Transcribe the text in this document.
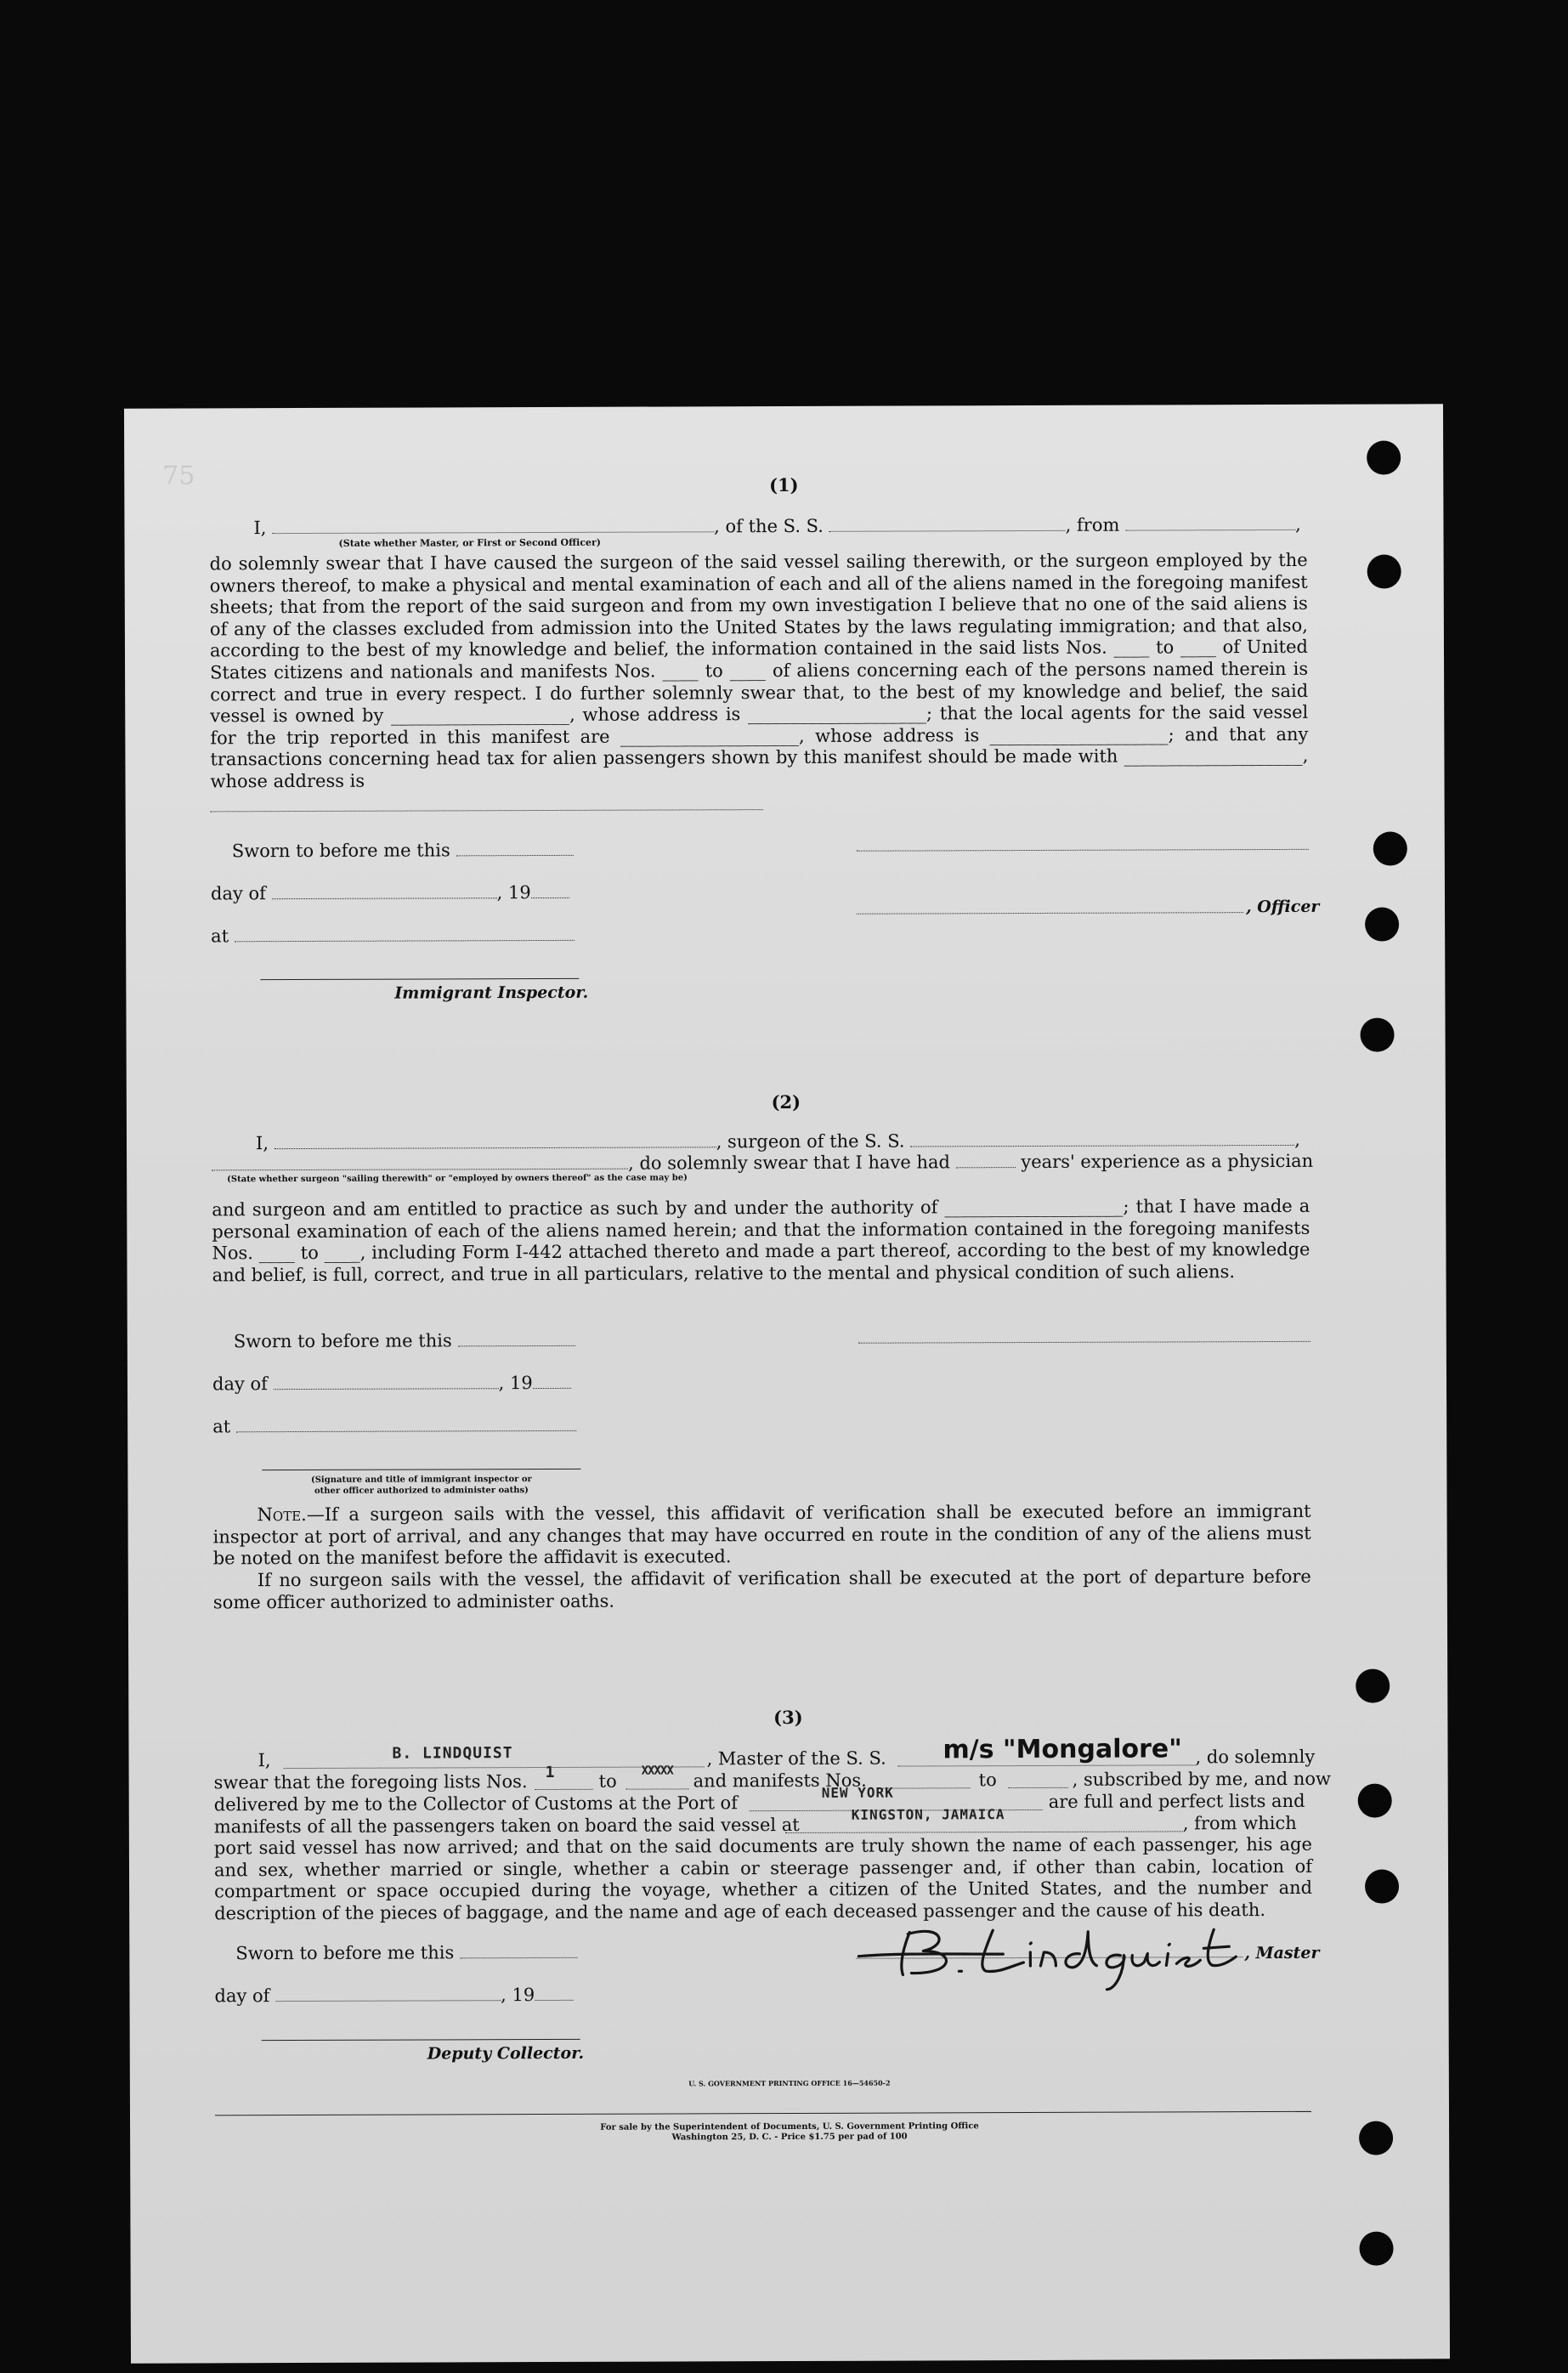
75	(1)
I,	, of the S. S.	, from	,
(State whether Master, or First or Second Officer)
do solemnly swear that I have caused the surgeon of the said vessel sailing therewith, or the surgeon employed by the owners thereof, to make a physical and mental examination of each and all of the aliens named in the foregoing manifest sheets; that from the report of the said surgeon and from my own investigation I believe that no one of the said aliens is of any of the classes excluded from admission into the United States by the laws regulating immigration; and that also, according to the best of my knowledge and belief, the information contained in the said lists Nos. ____ to ____ of United States citizens and nationals and manifests Nos. ____ to ____ of aliens concerning each of the persons named therein is correct and true in every respect. I do further solemnly swear that, to the best of my knowledge and belief, the said vessel is owned by ____________________, whose address is ____________________; that the local agents for the said vessel for the trip reported in this manifest are ____________________, whose address is ____________________; and that any transactions concerning head tax for alien passengers shown by this manifest should be made with ____________________, whose address is
Sworn to before me this
day of	, 19
, Officer
at
Immigrant Inspector.
(2)
I,	, surgeon of the S. S.	,
, do solemnly swear that I have had	years' experience as a physician
(State whether surgeon "sailing therewith" or "employed by owners thereof" as the case may be)
and surgeon and am entitled to practice as such by and under the authority of ____________________; that I have made a personal examination of each of the aliens named herein; and that the information contained in the foregoing manifests Nos. ____ to ____, including Form I-442 attached thereto and made a part thereof, according to the best of my knowledge and belief, is full, correct, and true in all particulars, relative to the mental and physical condition of such aliens.
Sworn to before me this
day of	, 19
at
(Signature and title of immigrant inspector or
other officer authorized to administer oaths)
Note.—If a surgeon sails with the vessel, this affidavit of verification shall be executed before an immigrant inspector at port of arrival, and any changes that may have occurred en route in the condition of any of the aliens must be noted on the manifest before the affidavit is executed.
If no surgeon sails with the vessel, the affidavit of verification shall be executed at the port of departure before some officer authorized to administer oaths.
(3)
I,	B. LINDQUIST	, Master of the S. S. m/s "Mongalore" , do solemnly
swear that the foregoing lists Nos. 1 to
XXXXX and manifests Nos.	to	, subscribed by me, and now
delivered by me to the Collector of Customs at the Port of	NEW YORK	are full and perfect lists and
manifests of all the passengers taken on board the said vessel at
KINGSTON, JAMAICA	, from which
port said vessel has now arrived; and that on the said documents are truly shown the name of each passenger, his age and sex, whether married or single, whether a cabin or steerage passenger and, if other than cabin, location of compartment or space occupied during the voyage, whether a citizen of the United States, and the number and description of the pieces of baggage, and the name and age of each deceased passenger and the cause of his death.
Sworn to before me this	, Master
day of	, 19
Deputy Collector.
U. S. GOVERNMENT PRINTING OFFICE 16—54650-2
For sale by the Superintendent of Documents, U. S. Government Printing Office
Washington 25, D. C. - Price $1.75 per pad of 100
